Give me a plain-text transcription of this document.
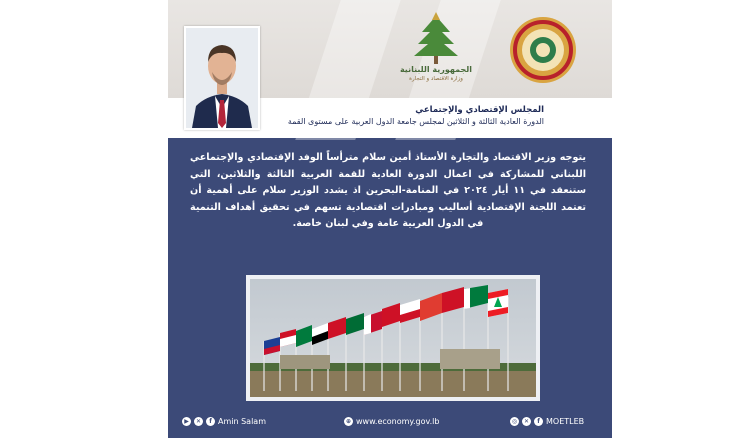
الجمهورية اللبنانية
وزارة الاقتصاد و التجارة
المجلس الإقتصادي والإجتماعي
الدورة العادية الثالثة و الثلاثين لمجلس جامعة الدول العربية على مستوى القمة
يتوجه وزير الاقتصاد والتجارة الأستاذ أمين سلام مترأساً الوفد الإقتصادي والإجتماعي اللبناني للمشاركة في اعمال الدورة العادية للقمة العربية الثالثة والثلاثين، التي ستنعقد في ١١ أيار ٢٠٢٤ في المنامة-البحرين اذ يشدد الوزير سلام على أهمية أن تعتمد اللجنة الإقتصادية أساليب ومبادرات اقتصادية تسهم في تحقيق أهداف التنمية في الدول العربية عامة وفي لبنان خاصة.
▶	✕	f Amin Salam	⊕ www.economy.gov.lb	◎	✕	f MOETLEB
